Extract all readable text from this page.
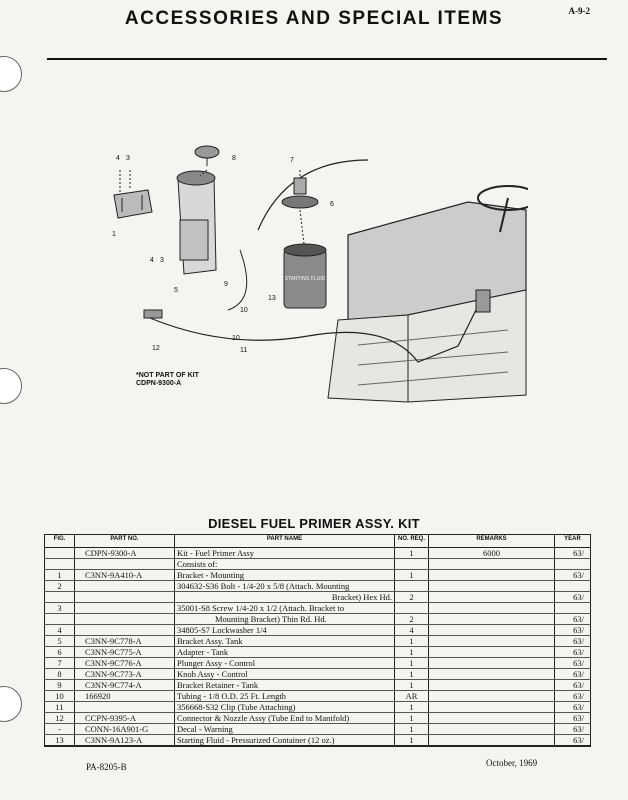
A-9-2
ACCESSORIES AND SPECIAL ITEMS
4 3	8	7
6
5
1
4 3
9
13
10
12
10
11
STARTING FLUID
*NOT PART OF KIT
CDPN-9300-A
DIESEL FUEL PRIMER ASSY. KIT
FIG.	PART NO.	PART NAME	NO. REQ.	REMARKS	YEAR
	CDPN-9300-A	Kit - Fuel Primer Assy	1	6000	63/
		Consists of:			
1	C3NN-9A410-A	Bracket - Mounting	1		63/
2		304632-S36 Bolt - 1/4-20 x 5/8 (Attach. Mounting			
		Bracket) Hex Hd.	2		63/
3		35001-S8 Screw 1/4-20 x 1/2 (Attach. Bracket to			
		Mounting Bracket) Thin Rd. Hd.	2		63/
4		34805-S7 Lockwasher 1/4	4		63/
5	C3NN-9C778-A	Bracket Assy. Tank	1		63/
6	C3NN-9C775-A	Adapter - Tank	1		63/
7	C3NN-9C776-A	Plunger Assy - Control	1		63/
8	C3NN-9C773-A	Knob Assy - Control	1		63/
9	C3NN-9C774-A	Bracket Retainer - Tank	1		63/
10	166920	Tubing - 1/8 O.D. 25 Ft. Length	AR		63/
11		356668-S32 Clip (Tube Attaching)	1		63/
12	CCPN-9395-A	Connector & Nozzle Assy (Tube End to Manifold)	1		63/
-	CONN-16A901-G	Decal - Warning	1		63/
13	C3NN-9A123-A	Starting Fluid - Pressurized Container (12 oz.)	1		63/
PA-8205-B	October, 1969
